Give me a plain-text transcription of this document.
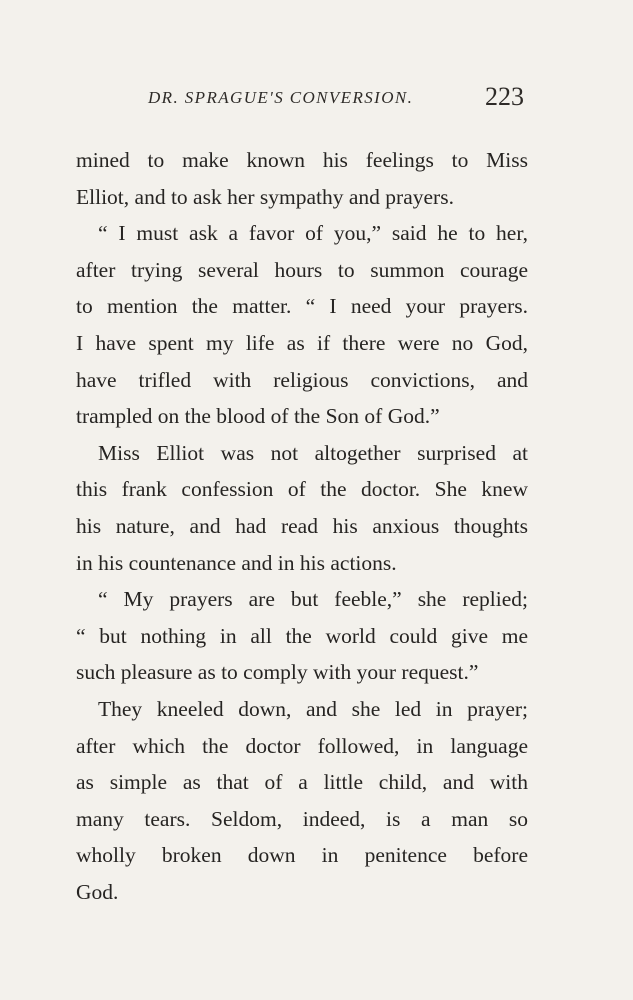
DR. SPRAGUE'S CONVERSION.	223

mined to make known his feelings to Miss
Elliot, and to ask her sympathy and prayers.

“ I must ask a favor of you,” said he to her,
after trying several hours to summon courage
to mention the matter. “ I need your prayers.
I have spent my life as if there were no God,
have trifled with religious convictions, and
trampled on the blood of the Son of God.”

Miss Elliot was not altogether surprised at
this frank confession of the doctor. She knew
his nature, and had read his anxious thoughts
in his countenance and in his actions.

“ My prayers are but feeble,” she replied;
“ but nothing in all the world could give me
such pleasure as to comply with your request.”

They kneeled down, and she led in prayer;
after which the doctor followed, in language
as simple as that of a little child, and with
many tears. Seldom, indeed, is a man so
wholly broken down in penitence before
God.
